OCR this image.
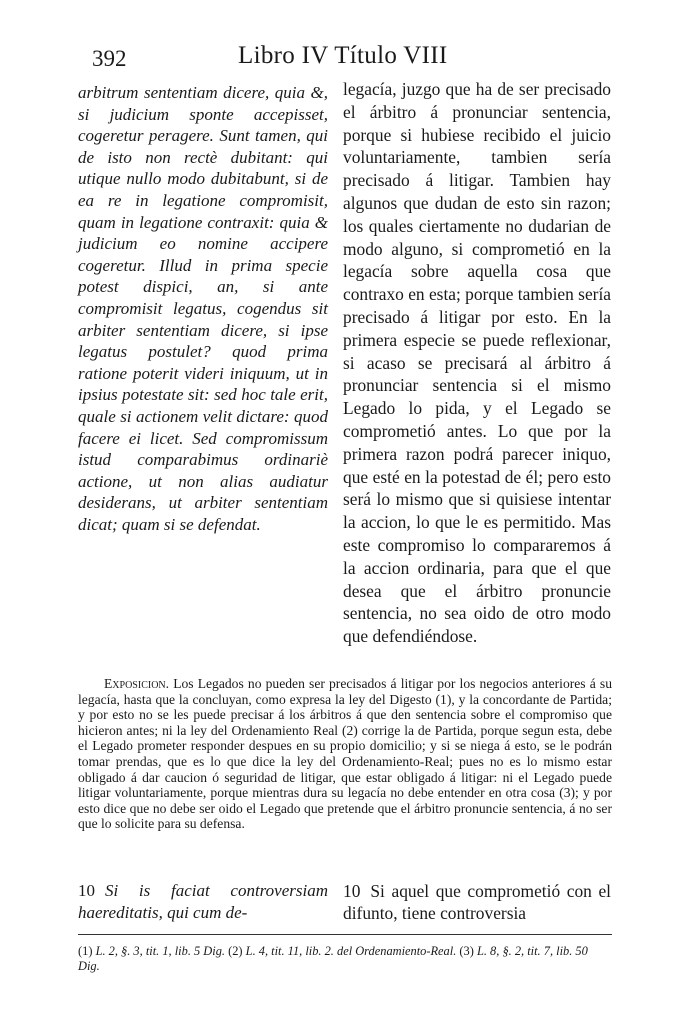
392	Libro IV Título VIII

arbitrum sententiam dicere, quia &, si judicium sponte accepisset, cogeretur peragere. Sunt tamen, qui de isto non rectè dubitant: qui utique nullo modo dubitabunt, si de ea re in legatione compromisit, quam in legatione contraxit: quia & judicium eo nomine accipere cogeretur. Illud in prima specie potest dispici, an, si ante compromisit legatus, cogendus sit arbiter sententiam dicere, si ipse legatus postulet? quod prima ratione poterit videri iniquum, ut in ipsius potestate sit: sed hoc tale erit, quale si actionem velit dictare: quod facere ei licet. Sed compromissum istud comparabimus ordinariè actione, ut non alias audiatur desiderans, ut arbiter sententiam dicat; quam si se defendat.

legacía, juzgo que ha de ser precisado el árbitro á pronunciar sentencia, porque si hubiese recibido el juicio voluntariamente, tambien sería precisado á litigar. Tambien hay algunos que dudan de esto sin razon; los quales ciertamente no dudarian de modo alguno, si comprometió en la legacía sobre aquella cosa que contraxo en esta; porque tambien sería precisado á litigar por esto. En la primera especie se puede reflexionar, si acaso se precisará al árbitro á pronunciar sentencia si el mismo Legado lo pida, y el Legado se comprometió antes. Lo que por la primera razon podrá parecer iniquo, que esté en la potestad de él; pero esto será lo mismo que si quisiese intentar la accion, lo que le es permitido. Mas este compromiso lo compararemos á la accion ordinaria, para que el que desea que el árbitro pronuncie sentencia, no sea oido de otro modo que defendiéndose.

Exposicion. Los Legados no pueden ser precisados á litigar por los negocios anteriores á su legacía, hasta que la concluyan, como expresa la ley del Digesto (1), y la concordante de Partida; y por esto no se les puede precisar á los árbitros á que den sentencia sobre el compromiso que hicieron antes; ni la ley del Ordenamiento Real (2) corrige la de Partida, porque segun esta, debe el Legado prometer responder despues en su propio domicilio; y si se niega á esto, se le podrán tomar prendas, que es lo que dice la ley del Ordenamiento-Real; pues no es lo mismo estar obligado á dar caucion ó seguridad de litigar, que estar obligado á litigar: ni el Legado puede litigar voluntariamente, porque mientras dura su legacía no debe entender en otra cosa (3); y por esto dice que no debe ser oido el Legado que pretende que el árbitro pronuncie sentencia, á no ser que lo solicite para su defensa.
10 Si is faciat controversiam haereditatis, qui cum de-
10 Si aquel que comprometió con el difunto, tiene controversia
(1) L. 2, §. 3, tit. 1, lib. 5 Dig. (2) L. 4, tit. 11, lib. 2. del Ordenamiento-Real. (3) L. 8, §. 2, tit. 7, lib. 50 Dig.
